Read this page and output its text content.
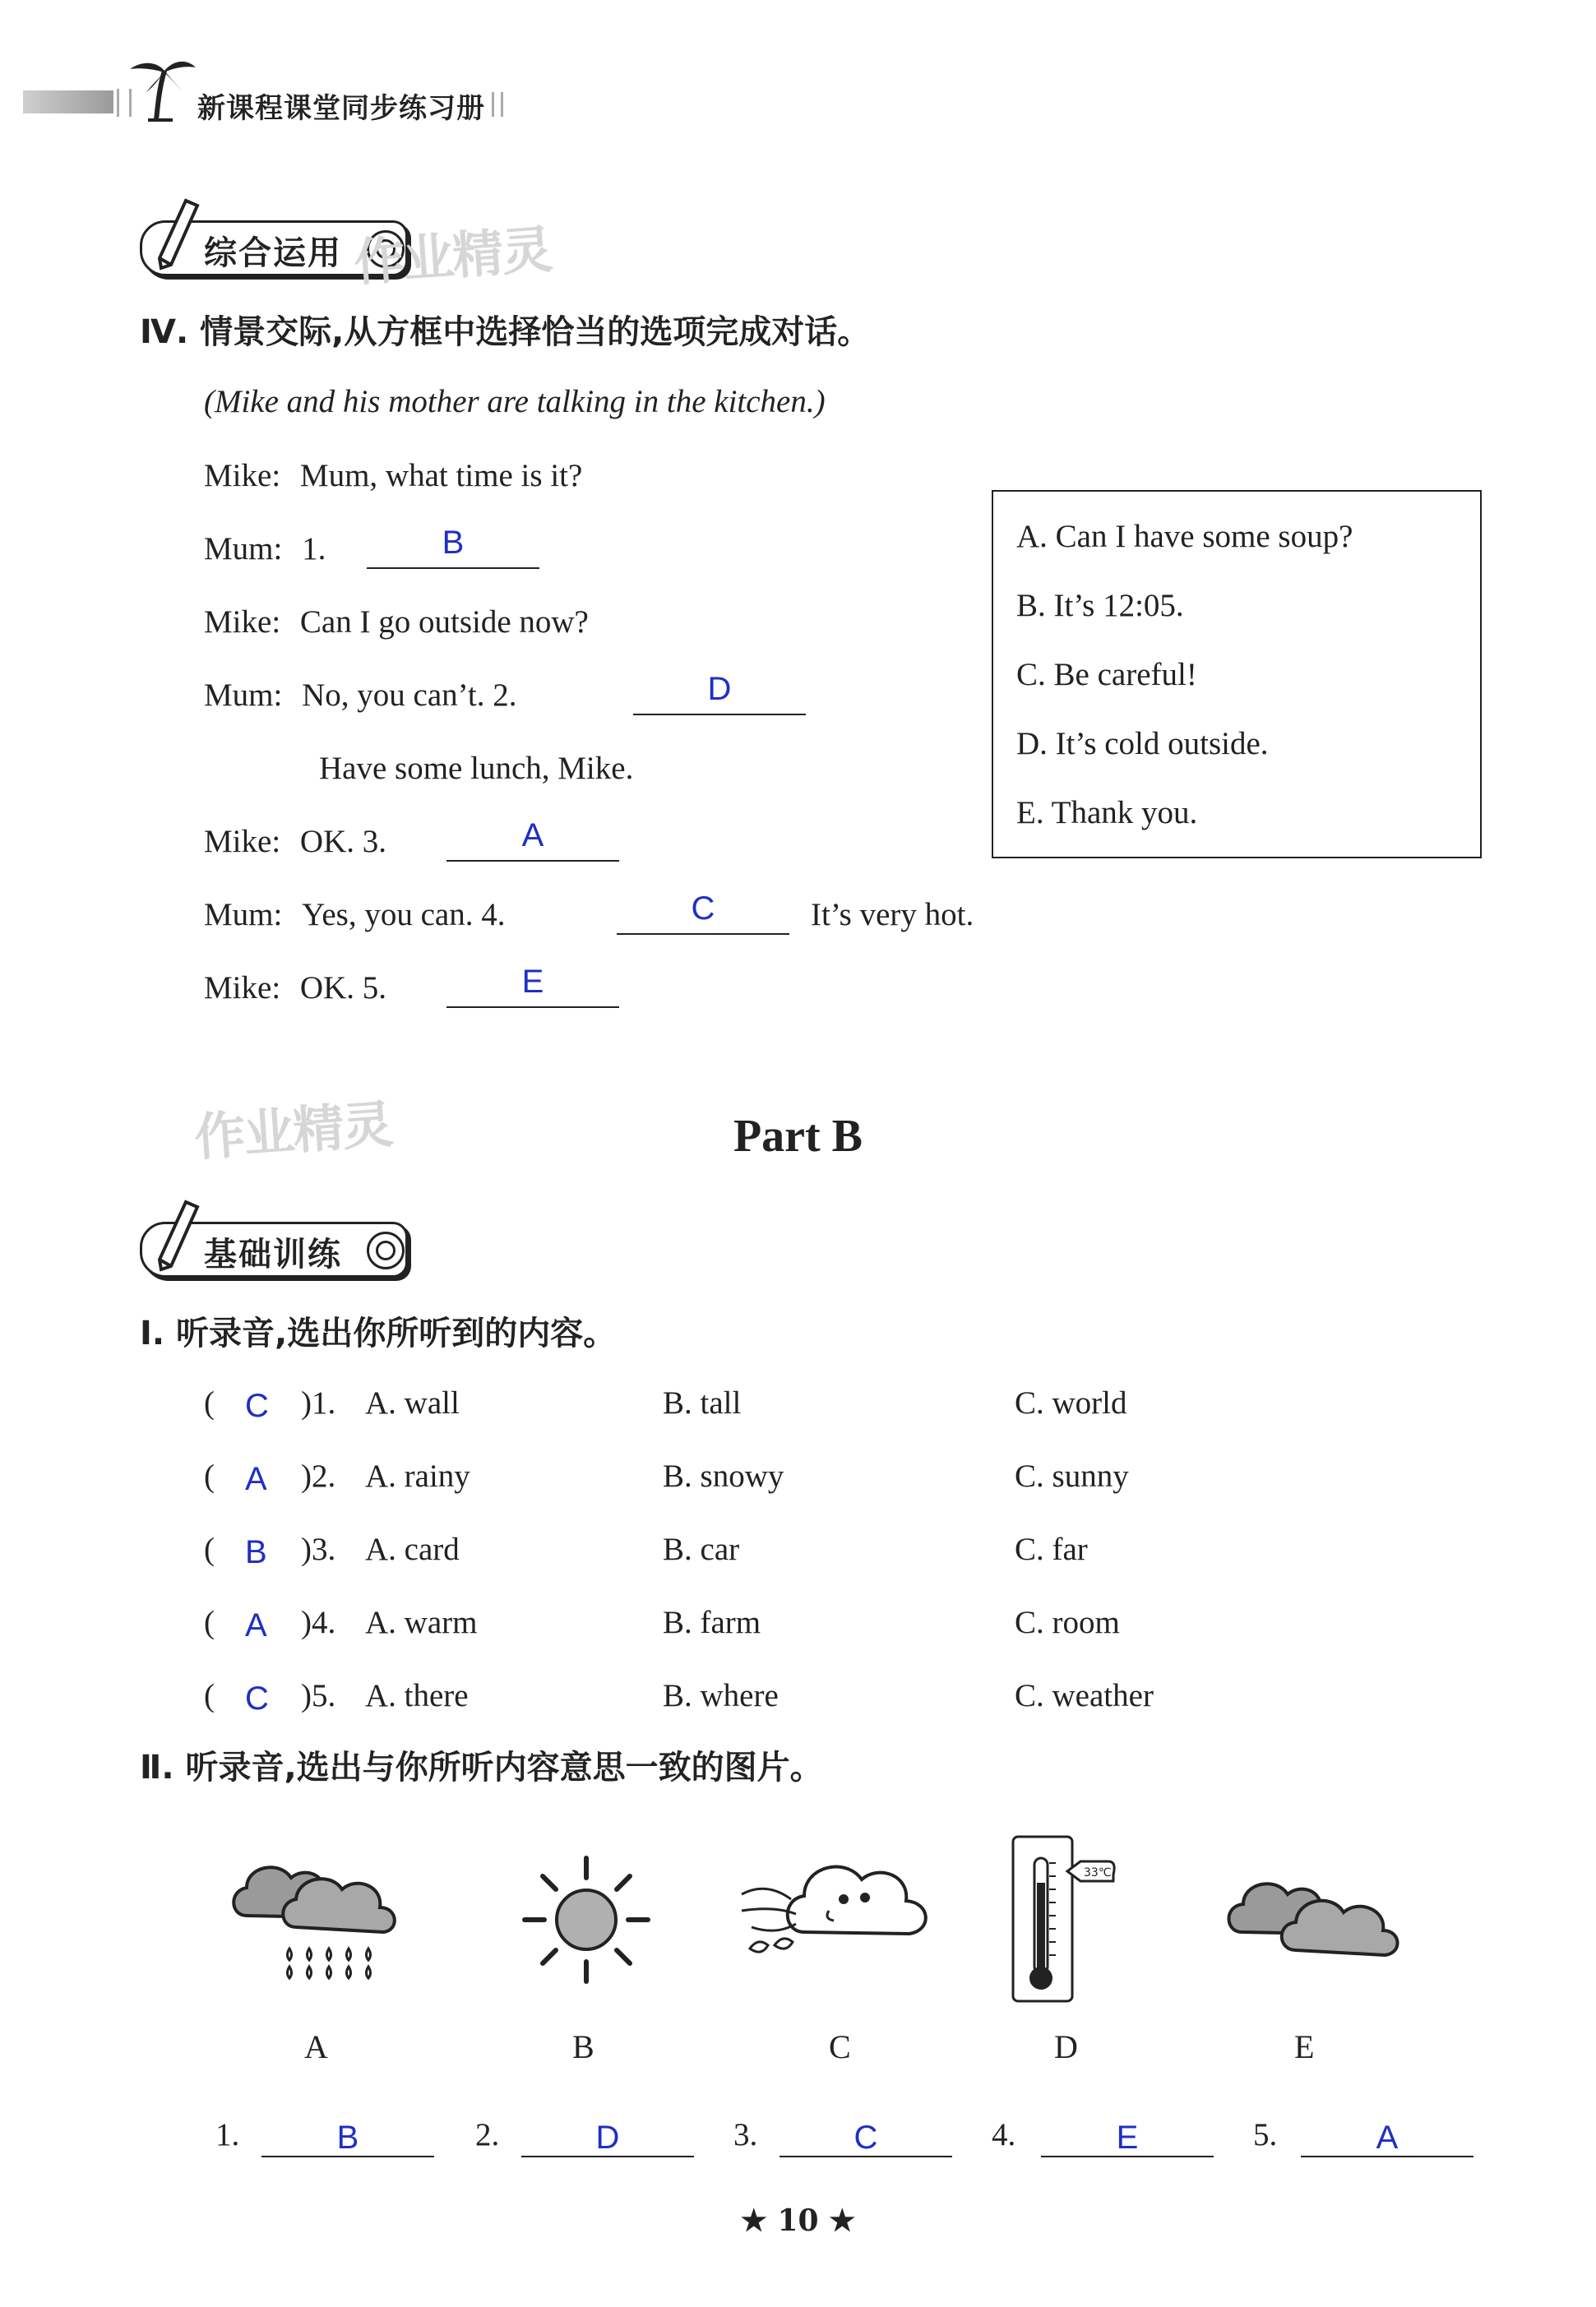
新课程课堂同步练习册
综合运用 作业精灵
Ⅳ. 情景交际,从方框中选择恰当的选项完成对话。
(Mike and his mother are talking in the kitchen.)
Mike: Mum, what time is it?
Mum: 1.	B
Mike: Can I go outside now?
Mum: No, you can’t. 2.	D
Have some lunch, Mike.
Mike: OK. 3.	A
Mum: Yes, you can. 4.	C	It’s very hot.
Mike: OK. 5.	E
A. Can I have some soup?
B. It’s 12:05.
C. Be careful!
D. It’s cold outside.
E. Thank you.
作业精灵	Part B
基础训练
Ⅰ. 听录音,选出你所听到的内容。
( C )1. A. wall	B. tall	C. world
( A )2. A. rainy	B. snowy	C. sunny
( B )3. A. card	B. car	C. far
( A )4. A. warm	B. farm	C. room
( C )5. A. there	B. where	C. weather
Ⅱ. 听录音,选出与你所听内容意思一致的图片。
33℃
A	B	C	D	E
1.	B	2.	D	3.	C	4.	E	5.	A
★ 10 ★
